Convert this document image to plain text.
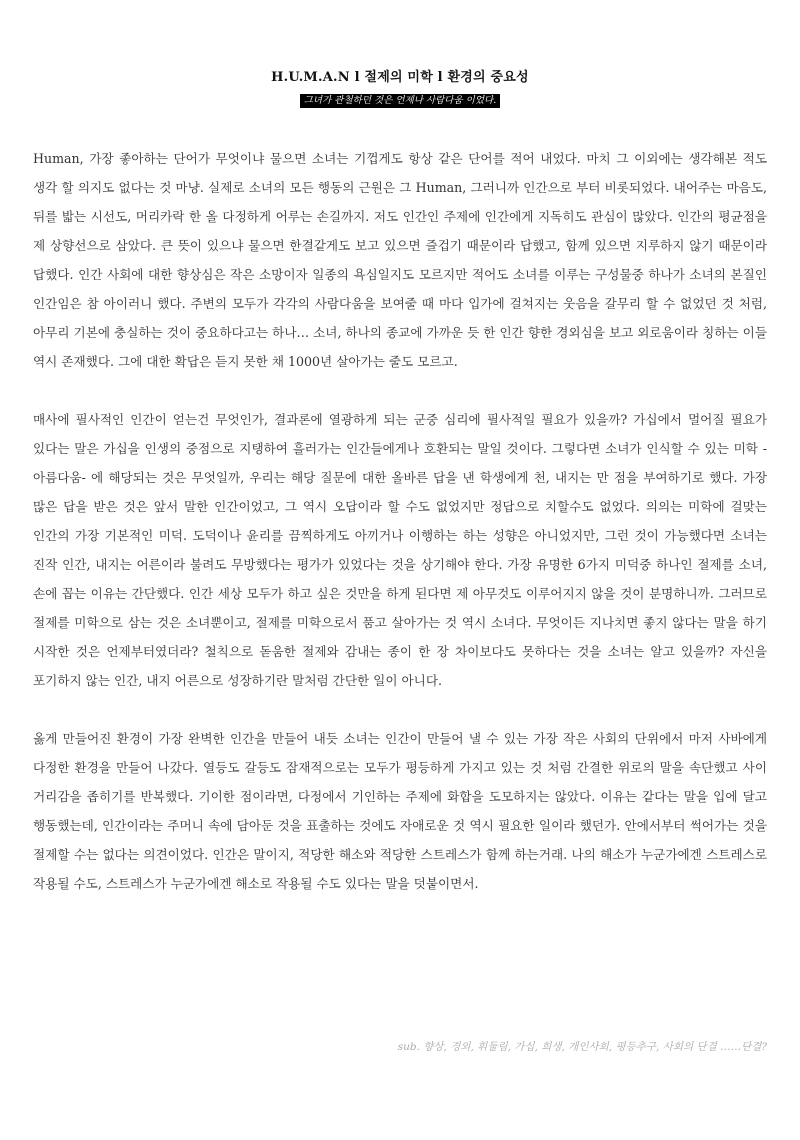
H.U.M.A.N l 절제의 미학 l 환경의 중요성
그녀가 관철하던 것은 언제나 사람다움 이었다.

Human, 가장 좋아하는 단어가 무엇이냐 물으면 소녀는 기껍게도 항상 같은 단어를 적어 내었다. 마치 그 이외에는 생각해본 적도 생각 할 의지도 없다는 것 마냥. 실제로 소녀의 모든 행동의 근원은 그 Human, 그러니까 인간으로 부터 비롯되었다. 내어주는 마음도, 뒤를 밟는 시선도, 머리카락 한 올 다정하게 어루는 손길까지. 저도 인간인 주제에 인간에게 지독히도 관심이 많았다. 인간의 평균점을 제 상향선으로 삼았다. 큰 뜻이 있으냐 물으면 한결같게도 보고 있으면 즐겁기 때문이라 답했고, 함께 있으면 지루하지 않기 때문이라 답했다. 인간 사회에 대한 향상심은 작은 소망이자 일종의 욕심일지도 모르지만 적어도 소녀를 이루는 구성물중 하나가 소녀의 본질인 인간임은 참 아이러니 했다. 주변의 모두가 각각의 사람다움을 보여줄 때 마다 입가에 걸쳐지는 웃음을 갈무리 할 수 없었던 것 처럼, 아무리 기본에 충실하는 것이 중요하다고는 하나… 소녀, 하나의 종교에 가까운 듯 한 인간 향한 경외심을 보고 외로움이라 칭하는 이들 역시 존재했다. 그에 대한 확답은 듣지 못한 채 1000년 살아가는 줄도 모르고.

매사에 필사적인 인간이 얻는건 무엇인가, 결과론에 열광하게 되는 군중 심리에 필사적일 필요가 있을까? 가십에서 멀어질 필요가 있다는 말은 가십을 인생의 중점으로 지탱하여 흘러가는 인간들에게나 호환되는 말일 것이다. 그렇다면 소녀가 인식할 수 있는 미학 -아름다움- 에 해당되는 것은 무엇일까, 우리는 해당 질문에 대한 올바른 답을 낸 학생에게 천, 내지는 만 점을 부여하기로 했다. 가장 많은 답을 받은 것은 앞서 말한 인간이었고, 그 역시 오답이라 할 수도 없었지만 정답으로 치할수도 없었다. 의의는 미학에 걸맞는 인간의 가장 기본적인 미덕. 도덕이나 윤리를 끔찍하게도 아끼거나 이행하는 하는 성향은 아니었지만, 그런 것이 가능했다면 소녀는 진작 인간, 내지는 어른이라 불려도 무방했다는 평가가 있었다는 것을 상기해야 한다. 가장 유명한 6가지 미덕중 하나인 절제를 소녀, 손에 꼽는 이유는 간단했다. 인간 세상 모두가 하고 싶은 것만을 하게 된다면 제 아무것도 이루어지지 않을 것이 분명하니까. 그러므로 절제를 미학으로 삼는 것은 소녀뿐이고, 절제를 미학으로서 품고 살아가는 것 역시 소녀다. 무엇이든 지나치면 좋지 않다는 말을 하기 시작한 것은 언제부터였더라? 철칙으로 돋움한 절제와 감내는 종이 한 장 차이보다도 못하다는 것을 소녀는 알고 있을까? 자신을 포기하지 않는 인간, 내지 어른으로 성장하기란 말처럼 간단한 일이 아니다.

옳게 만들어진 환경이 가장 완벽한 인간을 만들어 내듯 소녀는 인간이 만들어 낼 수 있는 가장 작은 사회의 단위에서 마저 사바에게 다정한 환경을 만들어 나갔다. 열등도 갈등도 잠재적으로는 모두가 평등하게 가지고 있는 것 처럼 간결한 위로의 말을 속단했고 사이 거리감을 좁히기를 반복했다. 기이한 점이라면, 다정에서 기인하는 주제에 화합을 도모하지는 않았다. 이유는 같다는 말을 입에 달고 행동했는데, 인간이라는 주머니 속에 담아둔 것을 표출하는 것에도 자애로운 것 역시 필요한 일이라 했던가. 안에서부터 썩어가는 것을 절제할 수는 없다는 의견이었다. 인간은 말이지, 적당한 해소와 적당한 스트레스가 함께 하는거래. 나의 해소가 누군가에겐 스트레스로 작용될 수도, 스트레스가 누군가에겐 해소로 작용될 수도 있다는 말을 덧붙이면서.

sub. 향상, 경외, 휘둘림, 가십, 희생, 개인사회, 평등추구, 사회의 단결 ……단결?
